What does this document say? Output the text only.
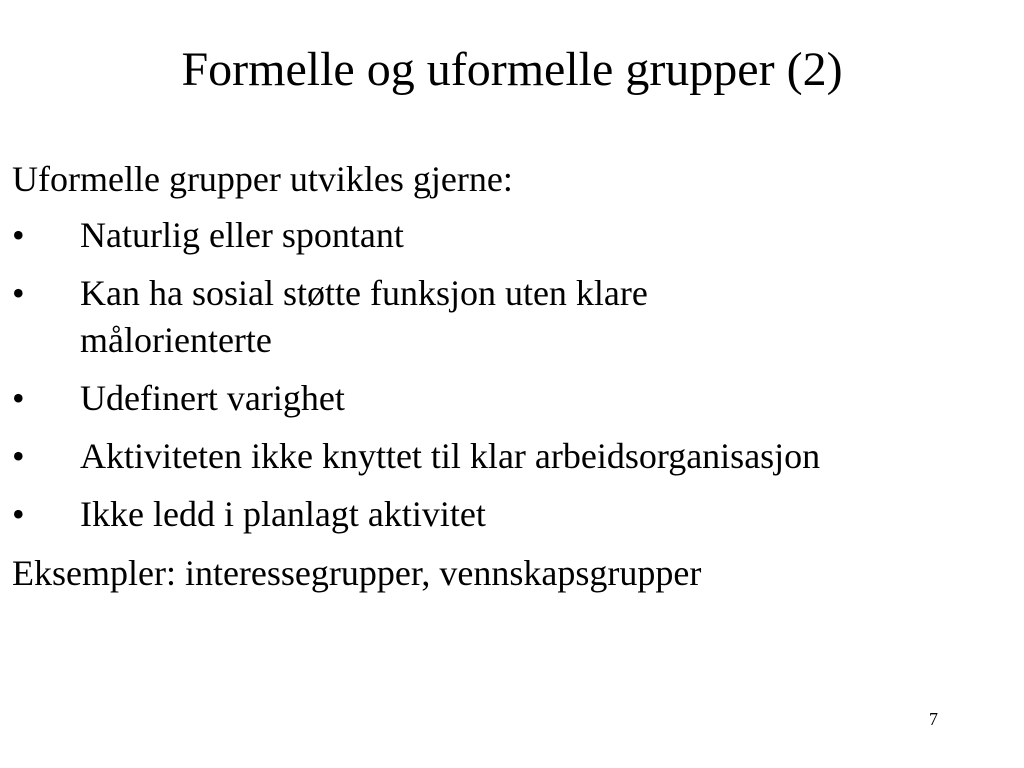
Formelle og uformelle grupper (2)
Uformelle grupper utvikles gjerne:
•	Naturlig eller spontant
•	Kan ha sosial støtte funksjon uten klare målorienterte
•	Udefinert varighet
•	Aktiviteten ikke knyttet til klar arbeidsorganisasjon
•	Ikke ledd i planlagt aktivitet
Eksempler: interessegrupper, vennskapsgrupper
7
